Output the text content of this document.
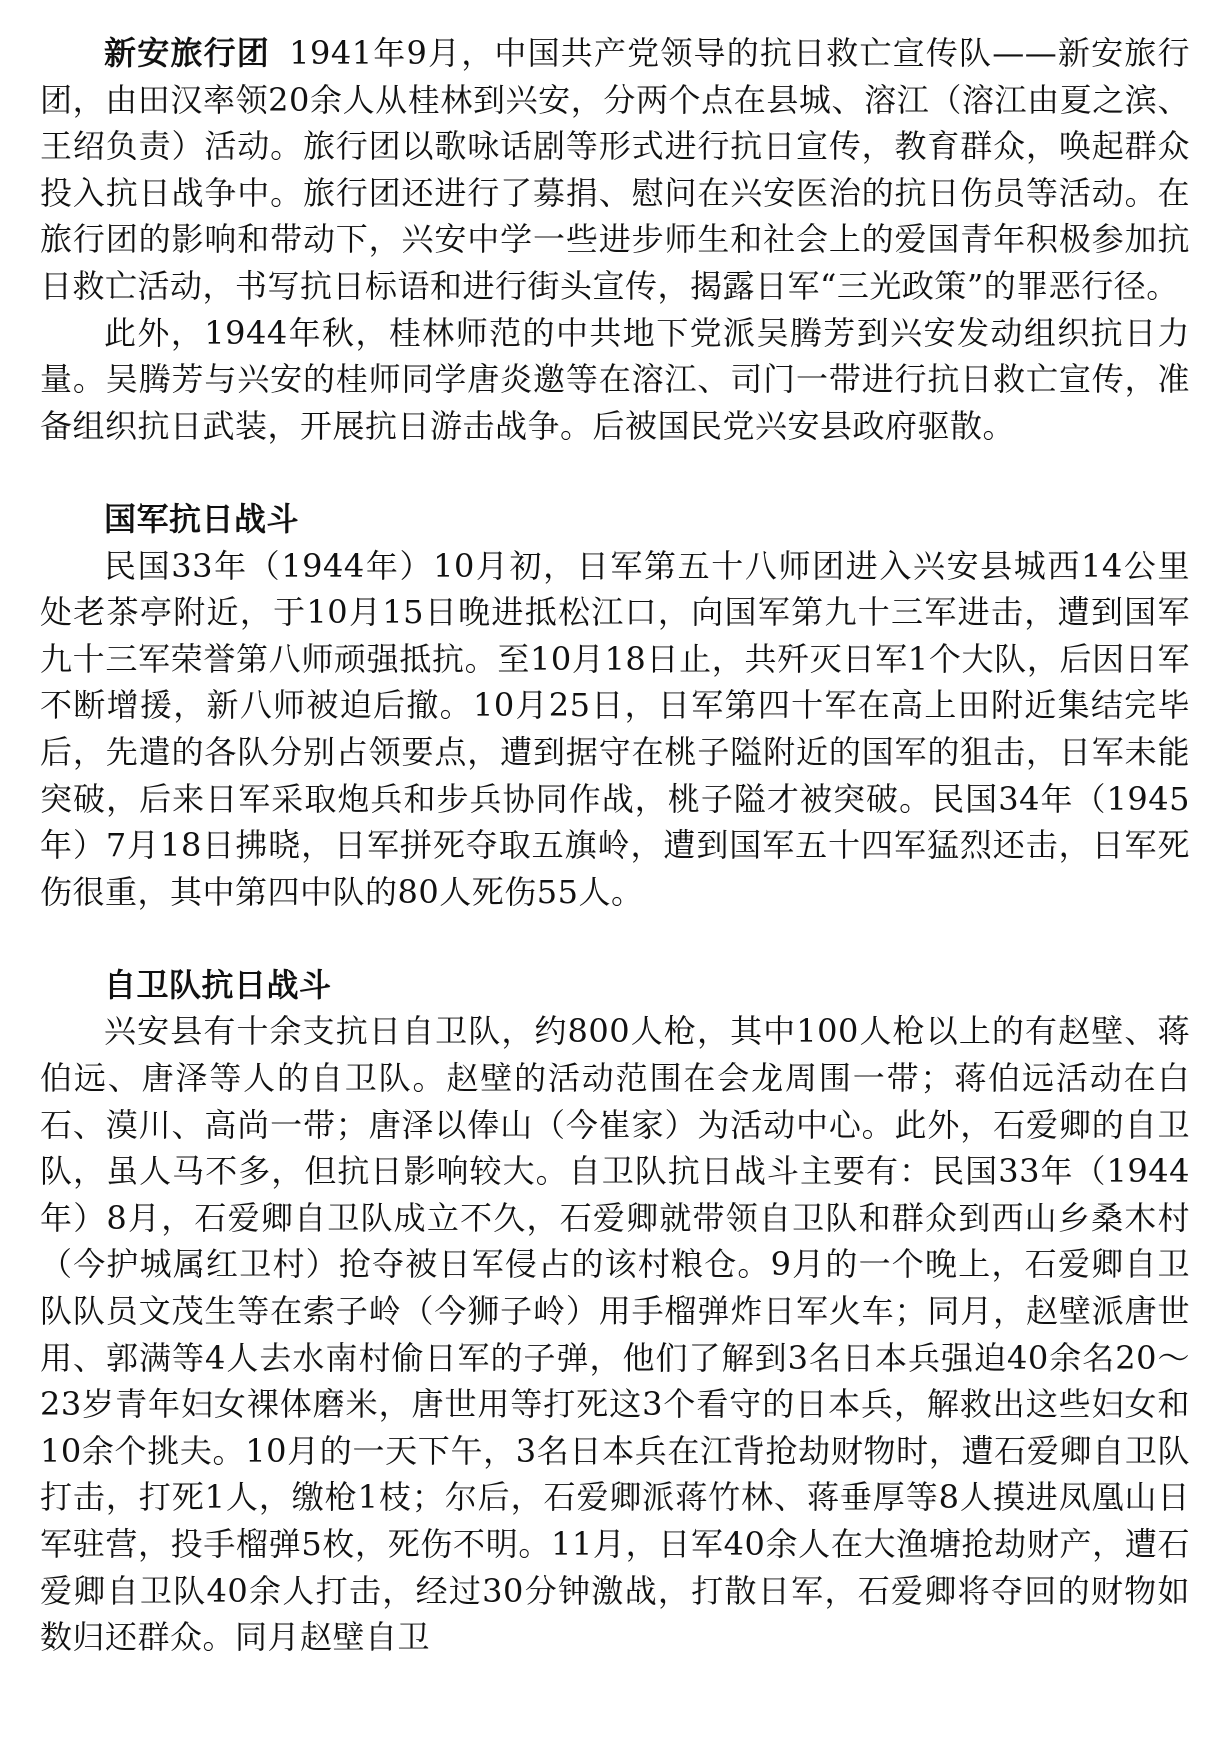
新安旅行团 1941年9月，中国共产党领导的抗日救亡宣传队——新安旅行团，由田汉率领20余人从桂林到兴安，分两个点在县城、溶江（溶江由夏之滨、王绍负责）活动。旅行团以歌咏话剧等形式进行抗日宣传，教育群众，唤起群众投入抗日战争中。旅行团还进行了募捐、慰问在兴安医治的抗日伤员等活动。在旅行团的影响和带动下，兴安中学一些进步师生和社会上的爱国青年积极参加抗日救亡活动，书写抗日标语和进行街头宣传，揭露日军“三光政策”的罪恶行径。

此外，1944年秋，桂林师范的中共地下党派吴腾芳到兴安发动组织抗日力量。吴腾芳与兴安的桂师同学唐炎邀等在溶江、司门一带进行抗日救亡宣传，准备组织抗日武装，开展抗日游击战争。后被国民党兴安县政府驱散。

国军抗日战斗

民国33年（1944年）10月初，日军第五十八师团进入兴安县城西14公里处老茶亭附近，于10月15日晚进抵松江口，向国军第九十三军进击，遭到国军九十三军荣誉第八师顽强抵抗。至10月18日止，共歼灭日军1个大队，后因日军不断增援，新八师被迫后撤。10月25日，日军第四十军在高上田附近集结完毕后，先遣的各队分别占领要点，遭到据守在桃子隘附近的国军的狙击，日军未能突破，后来日军采取炮兵和步兵协同作战，桃子隘才被突破。民国34年（1945年）7月18日拂晓，日军拼死夺取五旗岭，遭到国军五十四军猛烈还击，日军死伤很重，其中第四中队的80人死伤55人。

自卫队抗日战斗

兴安县有十余支抗日自卫队，约800人枪，其中100人枪以上的有赵壁、蒋伯远、唐泽等人的自卫队。赵壁的活动范围在会龙周围一带；蒋伯远活动在白石、漠川、高尚一带；唐泽以俸山（今崔家）为活动中心。此外，石爱卿的自卫队，虽人马不多，但抗日影响较大。自卫队抗日战斗主要有：民国33年（1944年）8月，石爱卿自卫队成立不久，石爱卿就带领自卫队和群众到西山乡桑木村（今护城属红卫村）抢夺被日军侵占的该村粮仓。9月的一个晚上，石爱卿自卫队队员文茂生等在索子岭（今狮子岭）用手榴弹炸日军火车；同月，赵壁派唐世用、郭满等4人去水南村偷日军的子弹，他们了解到3名日本兵强迫40余名20～23岁青年妇女裸体磨米，唐世用等打死这3个看守的日本兵，解救出这些妇女和10余个挑夫。10月的一天下午，3名日本兵在江背抢劫财物时，遭石爱卿自卫队打击，打死1人，缴枪1枝；尔后，石爱卿派蒋竹林、蒋垂厚等8人摸进凤凰山日军驻营，投手榴弹5枚，死伤不明。11月，日军40余人在大渔塘抢劫财产，遭石爱卿自卫队40余人打击，经过30分钟激战，打散日军，石爱卿将夺回的财物如数归还群众。同月赵壁自卫
